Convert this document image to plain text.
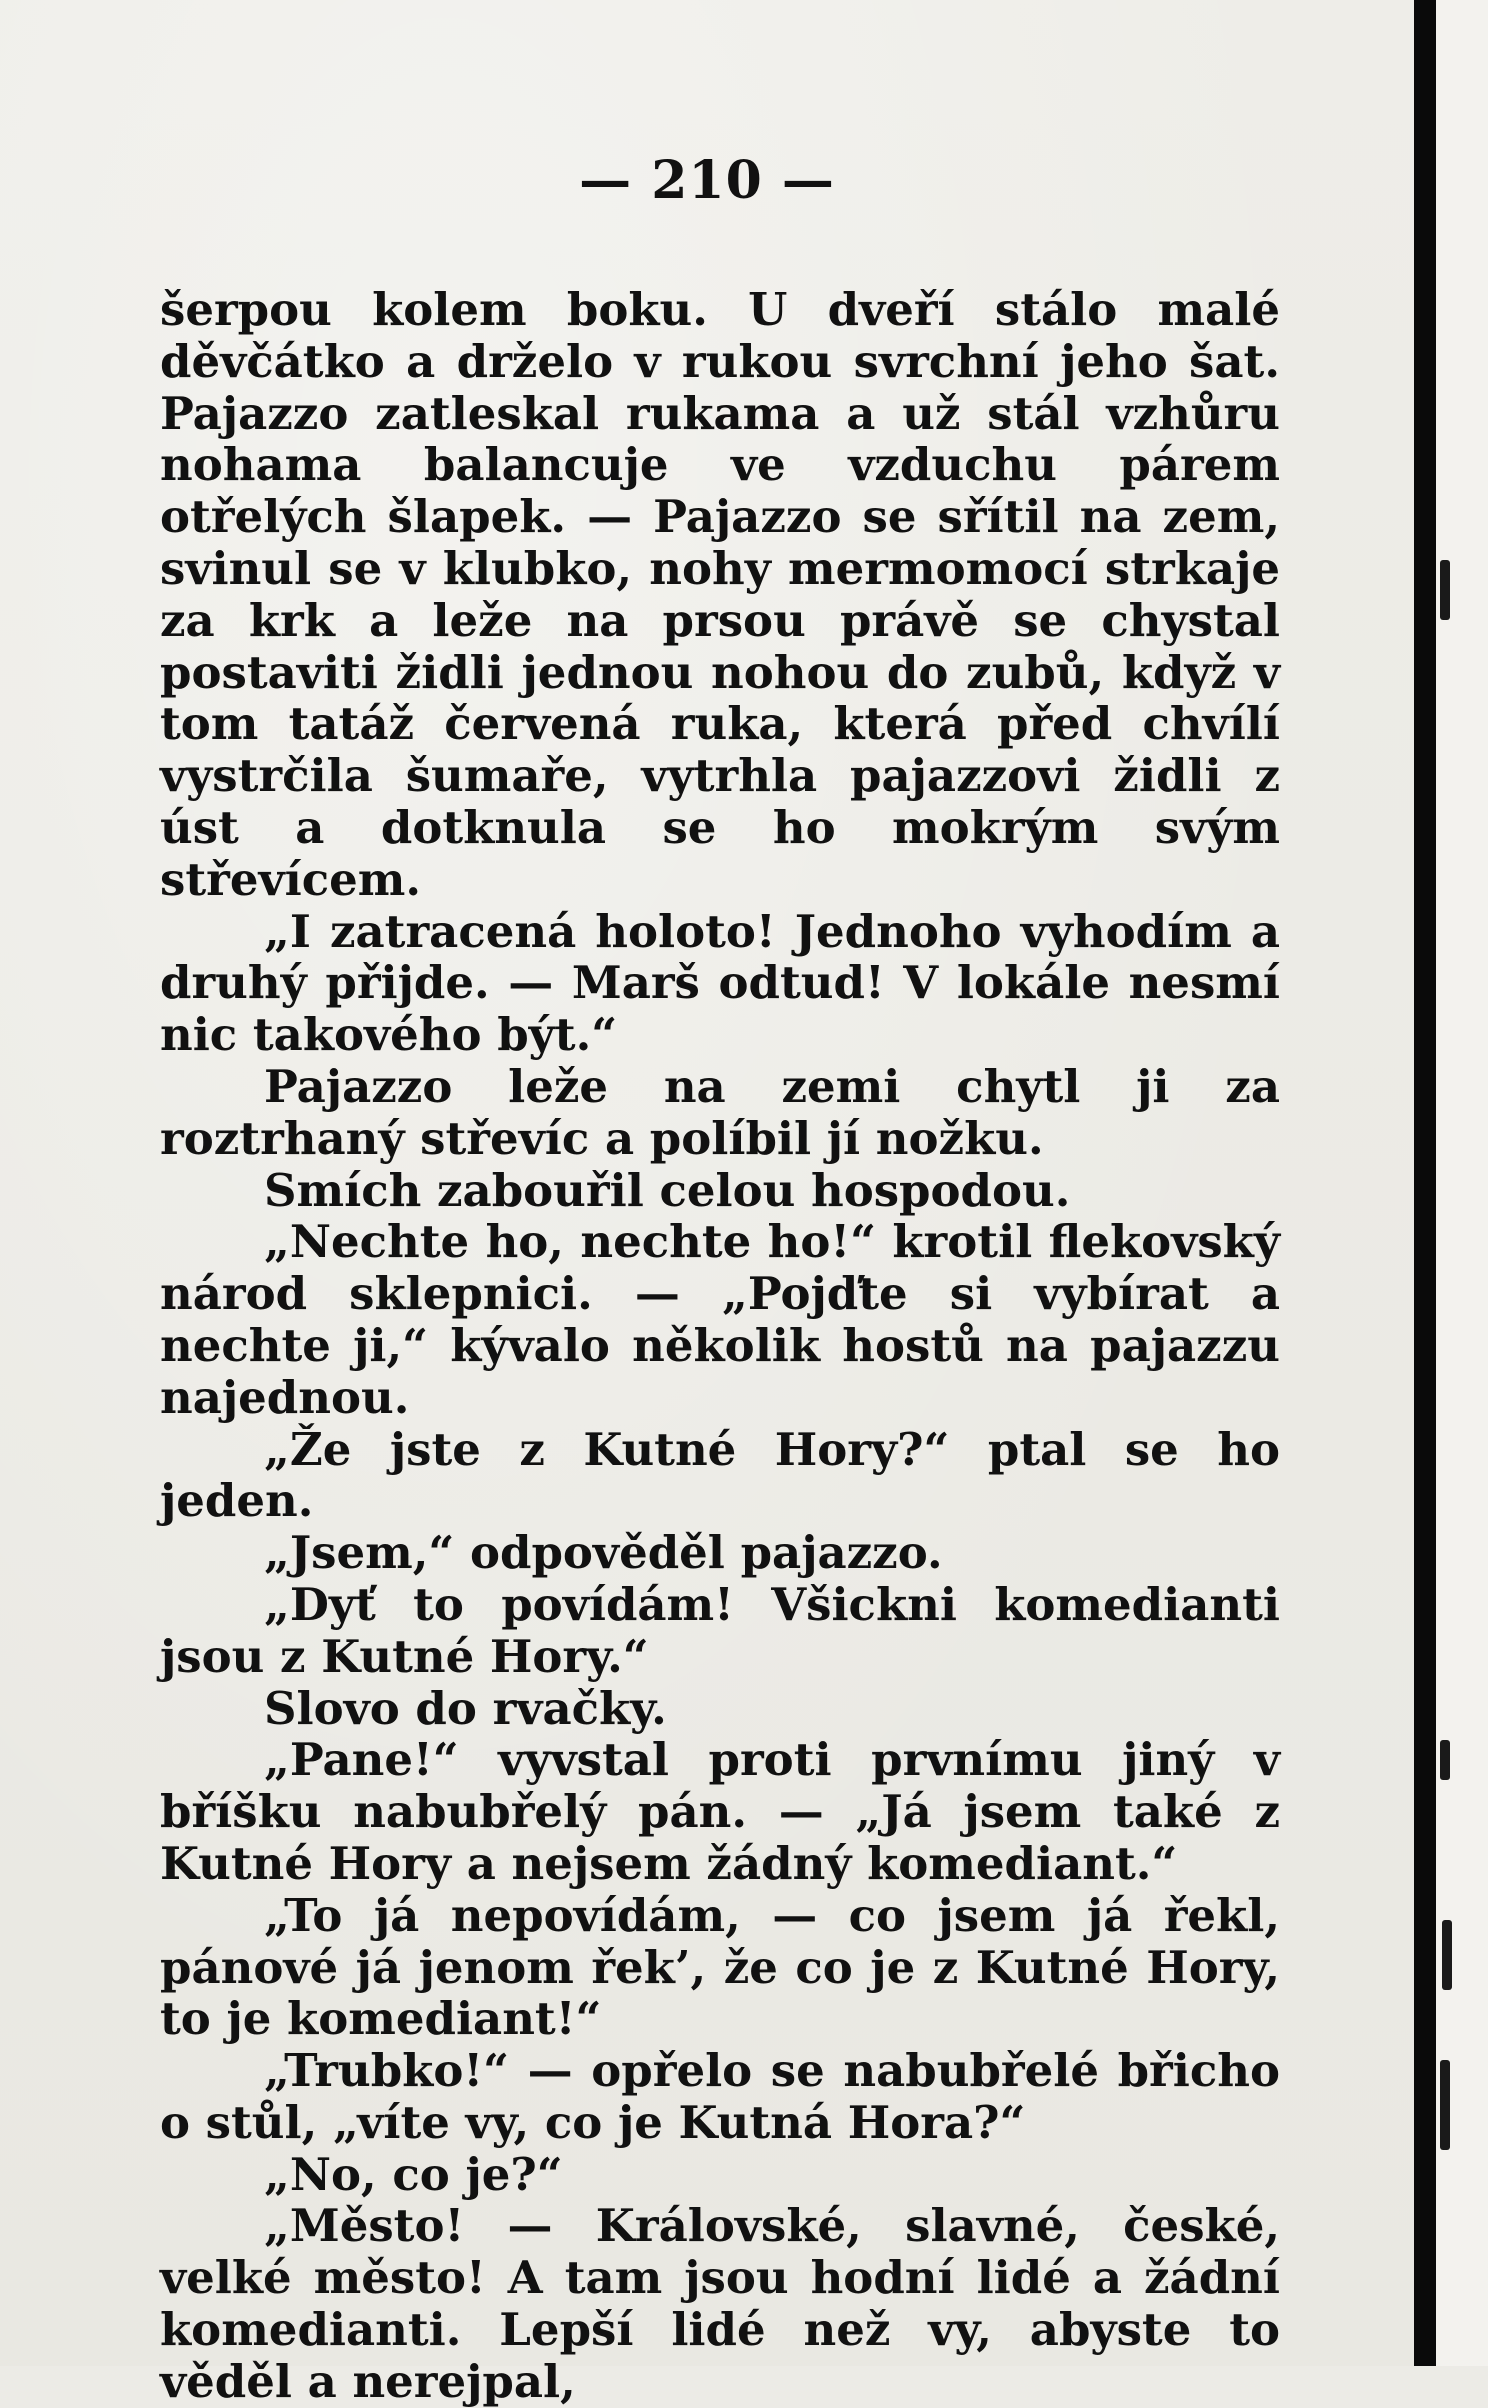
— 210 —

šerpou kolem boku. U dveří stálo malé děvčátko a drželo v rukou svrchní jeho šat. Pajazzo zatleskal rukama a už stál vzhůru nohama balancuje ve vzduchu párem otřelých šlapek. — Pajazzo se sřítil na zem, svinul se v klubko, nohy mermomocí strkaje za krk a leže na prsou právě se chystal postaviti židli jednou nohou do zubů, když v tom tatáž červená ruka, která před chvílí vystrčila šumaře, vytrhla pajazzovi židli z úst a dotknula se ho mokrým svým střevícem.

„I zatracená holoto! Jednoho vyhodím a druhý přijde. — Marš odtud! V lokále nesmí nic takového být.“

Pajazzo leže na zemi chytl ji za roztrhaný střevíc a políbil jí nožku.

Smích zabouřil celou hospodou.

„Nechte ho, nechte ho!“ krotil flekovský národ sklepnici. — „Pojďte si vybírat a nechte ji,“ kývalo několik hostů na pajazzu najednou.

„Že jste z Kutné Hory?“ ptal se ho jeden.

„Jsem,“ odpověděl pajazzo.

„Dyť to povídám! Všickni komedianti jsou z Kutné Hory.“

Slovo do rvačky.

„Pane!“ vyvstal proti prvnímu jiný v bříšku nabubřelý pán. — „Já jsem také z Kutné Hory a nejsem žádný komediant.“

„To já nepovídám, — co jsem já řekl, pánové já jenom řek’, že co je z Kutné Hory, to je komediant!“

„Trubko!“ — opřelo se nabubřelé břicho o stůl, „víte vy, co je Kutná Hora?“

„No, co je?“

„Město! — Královské, slavné, české, velké město! A tam jsou hodní lidé a žádní komedianti. Lepší lidé než vy, abyste to věděl a nerejpal,
